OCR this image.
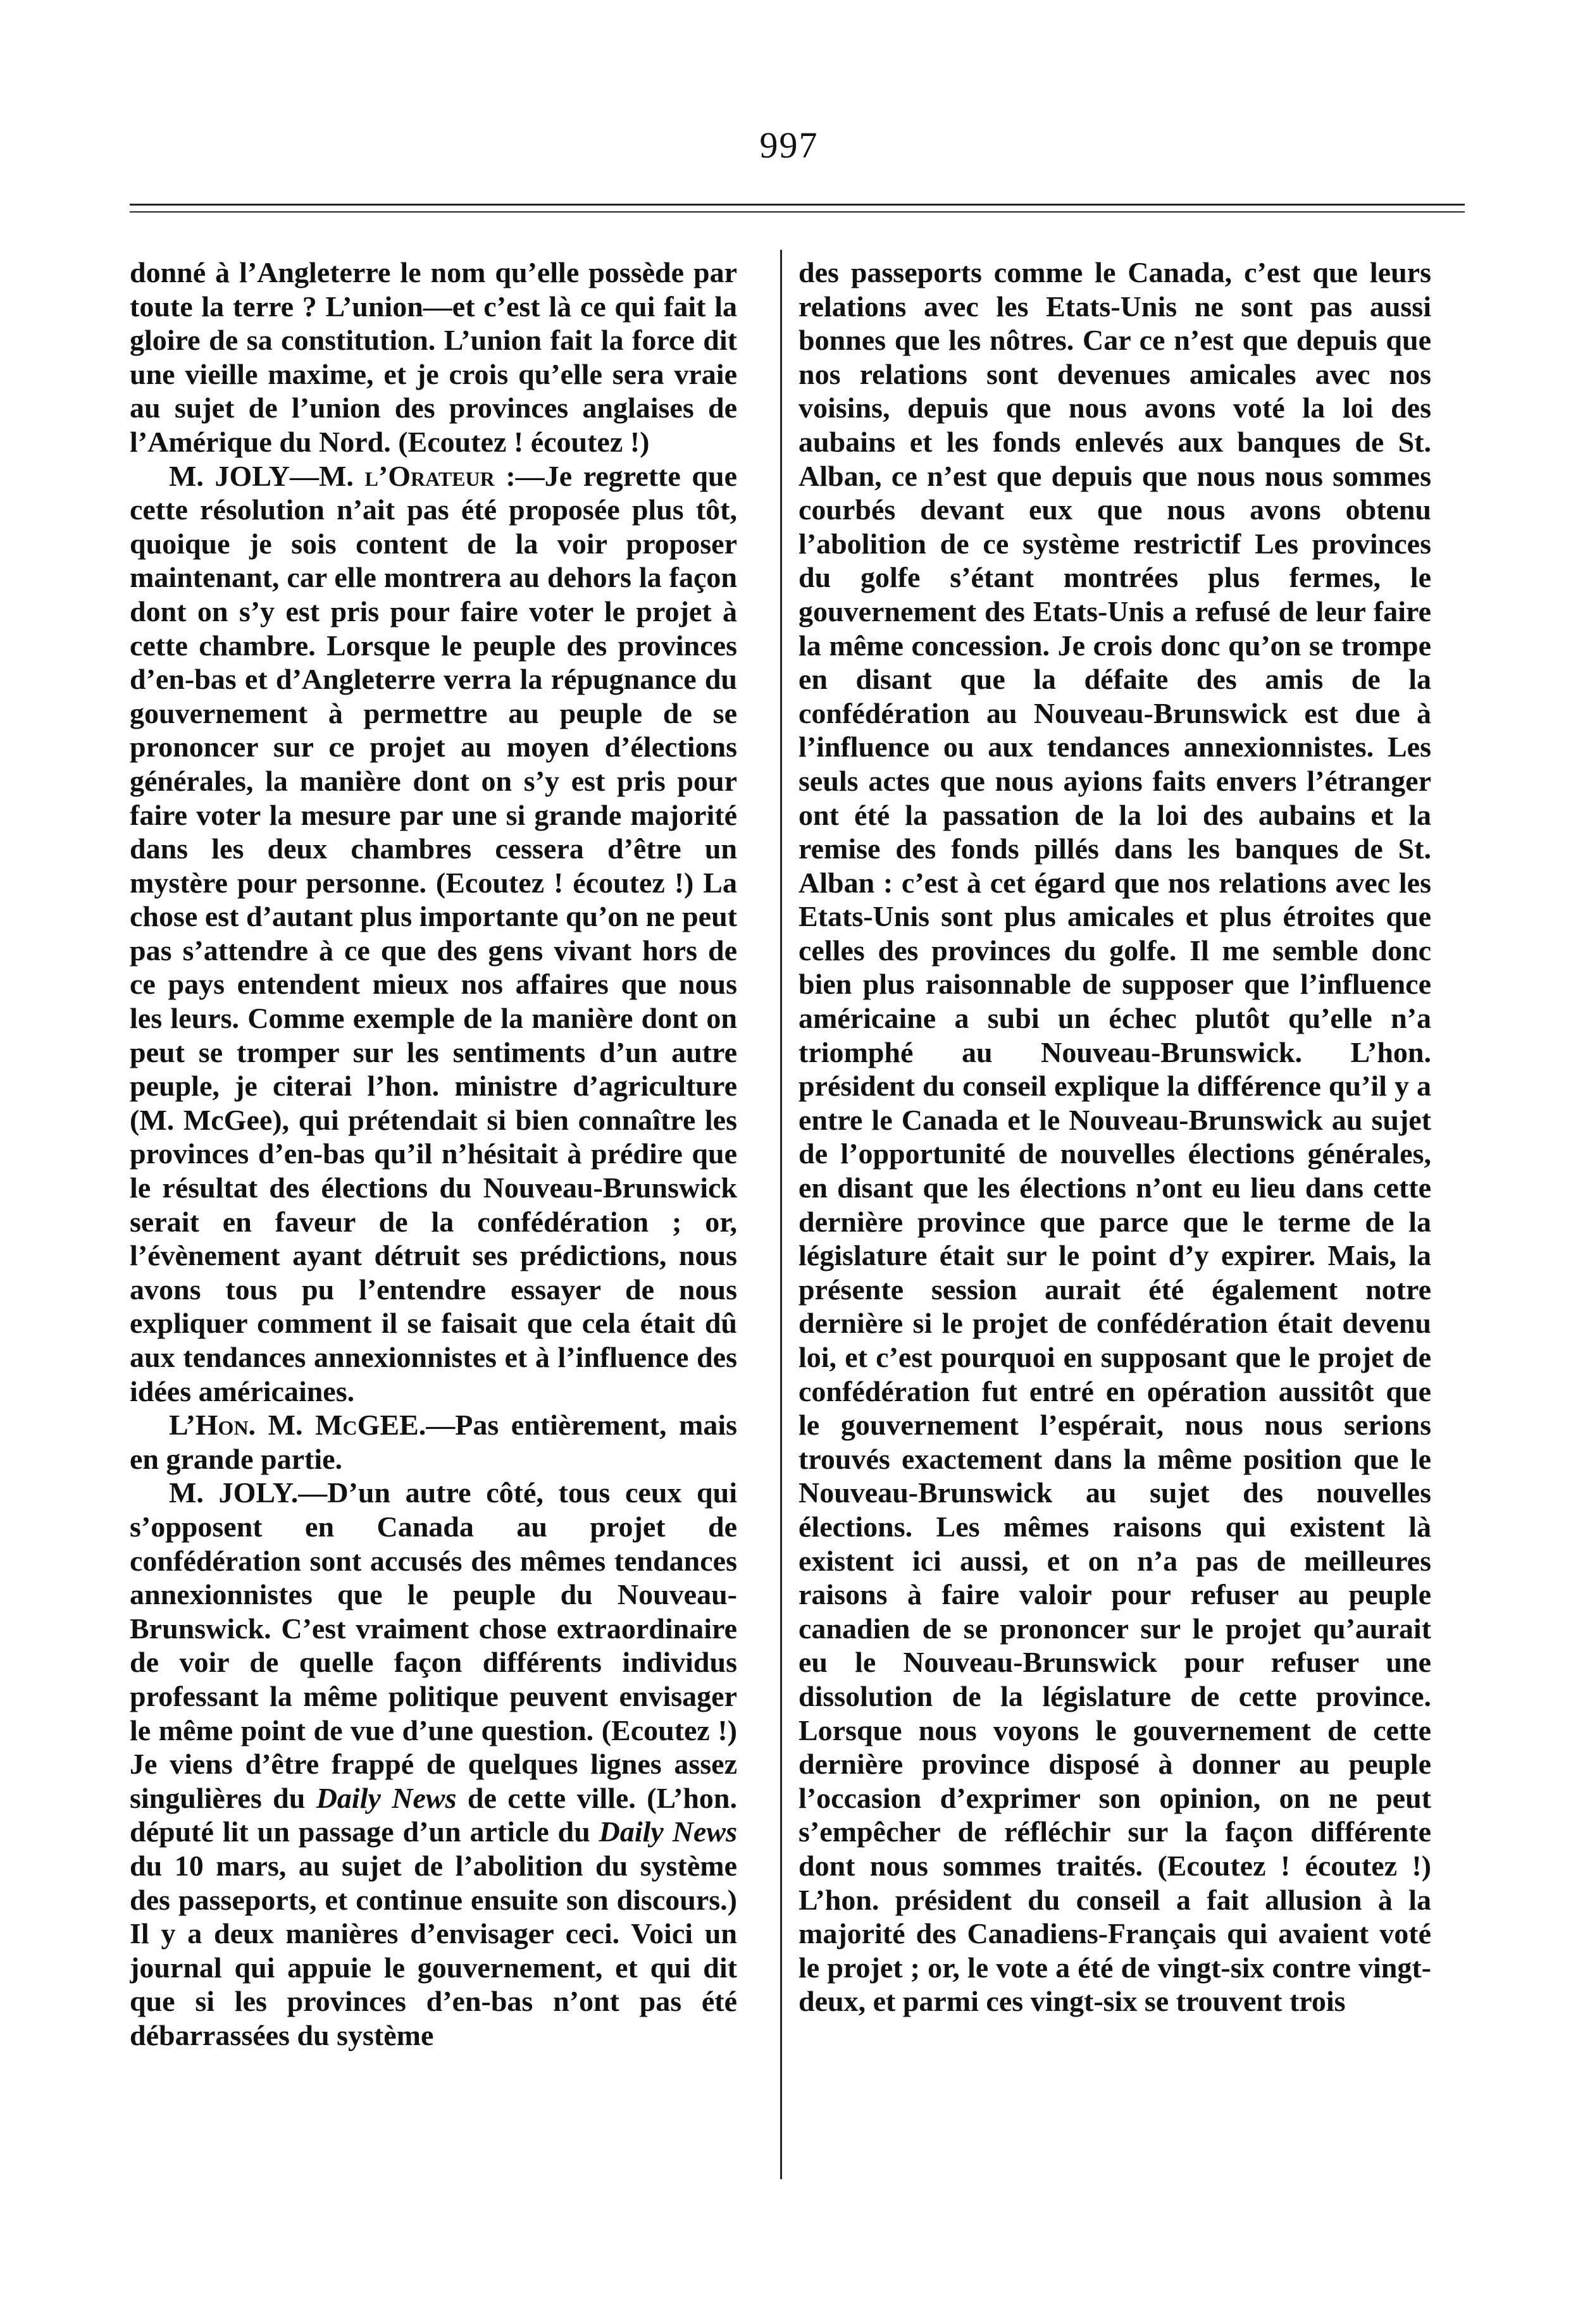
997

donné à l’Angleterre le nom qu’elle possède par toute la terre ? L’union—et c’est là ce qui fait la gloire de sa constitution. L’union fait la force dit une vieille maxime, et je crois qu’elle sera vraie au sujet de l’union des provinces anglaises de l’Amérique du Nord. (Ecoutez ! écoutez !)

M. JOLY—M. l’Orateur :—Je regrette que cette résolution n’ait pas été proposée plus tôt, quoique je sois content de la voir proposer maintenant, car elle montrera au dehors la façon dont on s’y est pris pour faire voter le projet à cette chambre. Lorsque le peuple des provinces d’en-bas et d’Angleterre verra la répugnance du gouvernement à permettre au peuple de se prononcer sur ce projet au moyen d’élections générales, la manière dont on s’y est pris pour faire voter la mesure par une si grande majorité dans les deux chambres cessera d’être un mystère pour personne. (Ecoutez ! écoutez !) La chose est d’autant plus importante qu’on ne peut pas s’attendre à ce que des gens vivant hors de ce pays entendent mieux nos affaires que nous les leurs. Comme exemple de la manière dont on peut se tromper sur les sentiments d’un autre peuple, je citerai l’hon. ministre d’agriculture (M. McGee), qui prétendait si bien connaître les provinces d’en-bas qu’il n’hésitait à prédire que le résultat des élections du Nouveau-Brunswick serait en faveur de la confédération ; or, l’évènement ayant détruit ses prédictions, nous avons tous pu l’entendre essayer de nous expliquer comment il se faisait que cela était dû aux tendances annexionnistes et à l’influence des idées américaines.

L’Hon. M. McGEE.—Pas entièrement, mais en grande partie.

M. JOLY.—D’un autre côté, tous ceux qui s’opposent en Canada au projet de confédération sont accusés des mêmes tendances annexionnistes que le peuple du Nouveau-Brunswick. C’est vraiment chose extraordinaire de voir de quelle façon différents individus professant la même politique peuvent envisager le même point de vue d’une question. (Ecoutez !) Je viens d’être frappé de quelques lignes assez singulières du Daily News de cette ville. (L’hon. député lit un passage d’un article du Daily News du 10 mars, au sujet de l’abolition du système des passeports, et continue ensuite son discours.) Il y a deux manières d’envisager ceci. Voici un journal qui appuie le gouvernement, et qui dit que si les provinces d’en-bas n’ont pas été débarrassées du système

des passeports comme le Canada, c’est que leurs relations avec les Etats-Unis ne sont pas aussi bonnes que les nôtres. Car ce n’est que depuis que nos relations sont devenues amicales avec nos voisins, depuis que nous avons voté la loi des aubains et les fonds enlevés aux banques de St. Alban, ce n’est que depuis que nous nous sommes courbés devant eux que nous avons obtenu l’abolition de ce système restrictif Les provinces du golfe s’étant montrées plus fermes, le gouvernement des Etats-Unis a refusé de leur faire la même concession. Je crois donc qu’on se trompe en disant que la défaite des amis de la confédération au Nouveau-Brunswick est due à l’influence ou aux tendances annexionnistes. Les seuls actes que nous ayions faits envers l’étranger ont été la passation de la loi des aubains et la remise des fonds pillés dans les banques de St. Alban : c’est à cet égard que nos relations avec les Etats-Unis sont plus amicales et plus étroites que celles des provinces du golfe. Il me semble donc bien plus raisonnable de supposer que l’influence américaine a subi un échec plutôt qu’elle n’a triomphé au Nouveau-Brunswick. L’hon. président du conseil explique la différence qu’il y a entre le Canada et le Nouveau-Brunswick au sujet de l’opportunité de nouvelles élections générales, en disant que les élections n’ont eu lieu dans cette dernière province que parce que le terme de la législature était sur le point d’y expirer. Mais, la présente session aurait été également notre dernière si le projet de confédération était devenu loi, et c’est pourquoi en supposant que le projet de confédération fut entré en opération aussitôt que le gouvernement l’espérait, nous nous serions trouvés exactement dans la même position que le Nouveau-Brunswick au sujet des nouvelles élections. Les mêmes raisons qui existent là existent ici aussi, et on n’a pas de meilleures raisons à faire valoir pour refuser au peuple canadien de se prononcer sur le projet qu’aurait eu le Nouveau-Brunswick pour refuser une dissolution de la législature de cette province. Lorsque nous voyons le gouvernement de cette dernière province disposé à donner au peuple l’occasion d’exprimer son opinion, on ne peut s’empêcher de réfléchir sur la façon différente dont nous sommes traités. (Ecoutez ! écoutez !) L’hon. président du conseil a fait allusion à la majorité des Canadiens-Français qui avaient voté le projet ; or, le vote a été de vingt-six contre vingt-deux, et parmi ces vingt-six se trouvent trois
